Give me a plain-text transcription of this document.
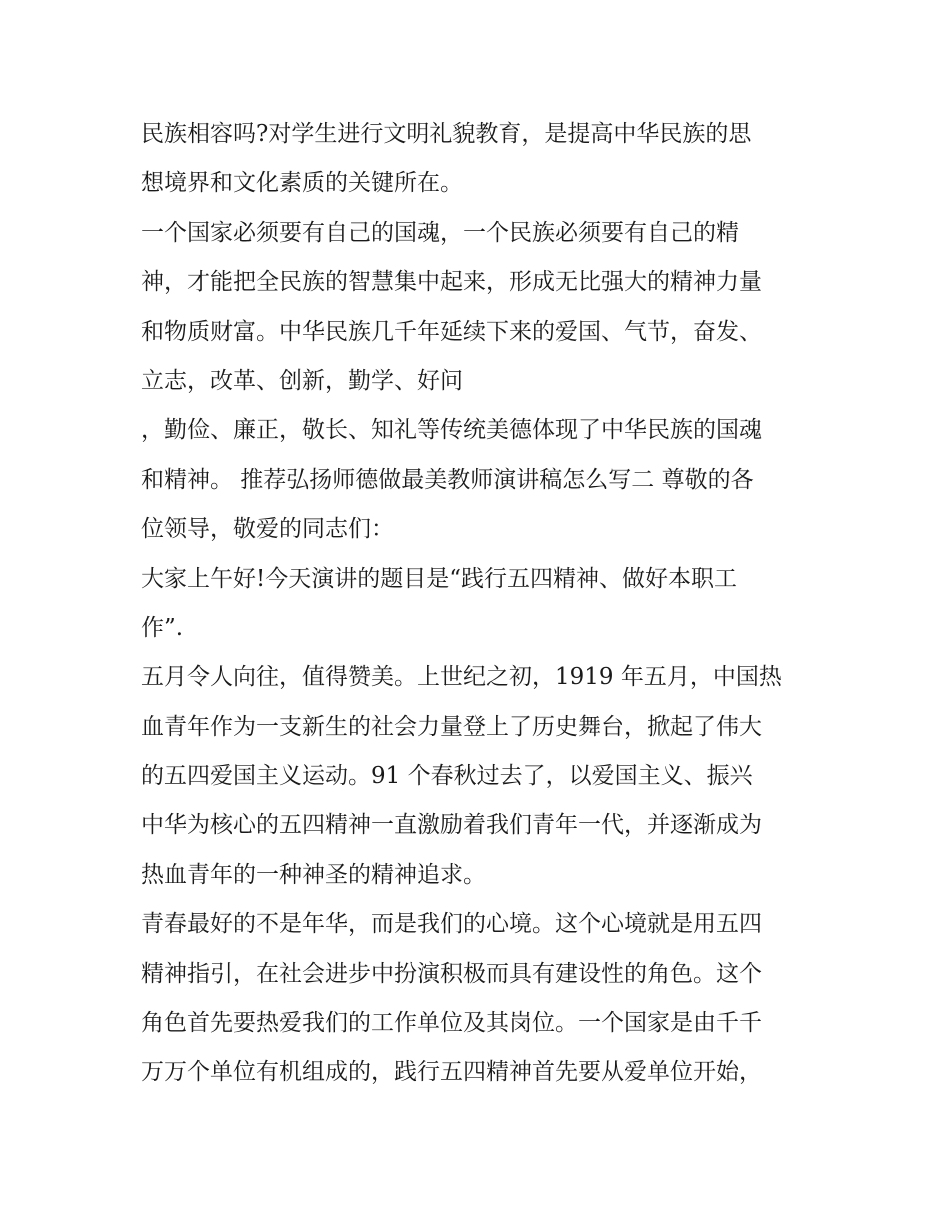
民族相容吗?对学生进行文明礼貌教育，是提高中华民族的思
想境界和文化素质的关键所在。
一个国家必须要有自己的国魂，一个民族必须要有自己的精
神，才能把全民族的智慧集中起来，形成无比强大的精神力量
和物质财富。中华民族几千年延续下来的爱国、气节，奋发、
立志，改革、创新，勤学、好问
，勤俭、廉正，敬长、知礼等传统美德体现了中华民族的国魂
和精神。 推荐弘扬师德做最美教师演讲稿怎么写二 尊敬的各
位领导，敬爱的同志们：
大家上午好!今天演讲的题目是“践行五四精神、做好本职工
作”.
五月令人向往，值得赞美。上世纪之初，1919 年五月，中国热
血青年作为一支新生的社会力量登上了历史舞台，掀起了伟大
的五四爱国主义运动。91 个春秋过去了，以爱国主义、振兴
中华为核心的五四精神一直激励着我们青年一代，并逐渐成为
热血青年的一种神圣的精神追求。
青春最好的不是年华，而是我们的心境。这个心境就是用五四
精神指引，在社会进步中扮演积极而具有建设性的角色。这个
角色首先要热爱我们的工作单位及其岗位。一个国家是由千千
万万个单位有机组成的，践行五四精神首先要从爱单位开始，
